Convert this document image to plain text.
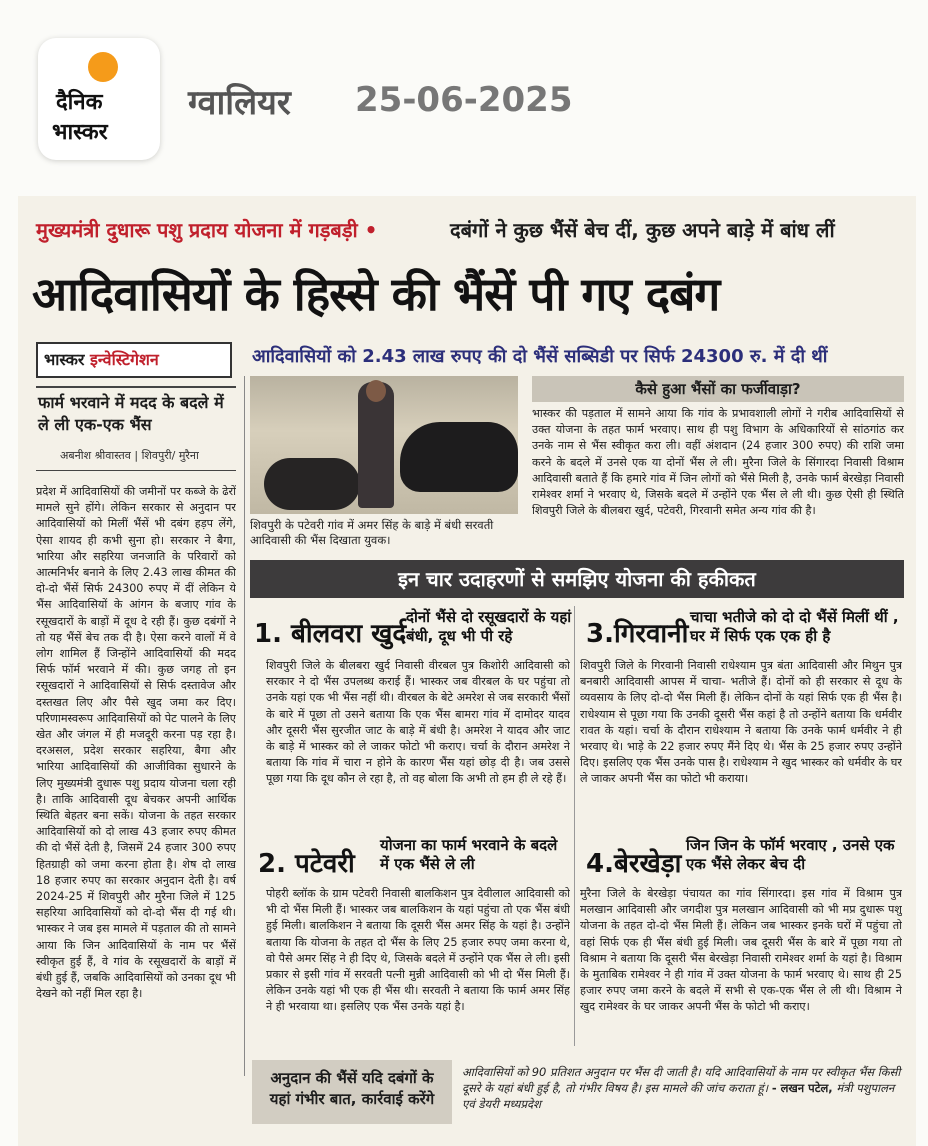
दैनिक
भास्कर
ग्वालियर 25-06-2025
मुख्यमंत्री दुधारू पशु प्रदाय योजना में गड़बड़ी •	दबंगों ने कुछ भैंसें बेच दीं, कुछ अपने बाड़े में बांध लीं
आदिवासियों के हिस्से की भैंसें पी गए दबंग
भास्कर इन्वेस्टिगेशन	आदिवासियों को 2.43 लाख रुपए की दो भैंसें सब्सिडी पर सिर्फ 24300 रु. में दी थीं
फार्म भरवाने में मदद के बदले में ले ली एक-एक भैंस
अबनीश श्रीवास्तव | शिवपुरी/ मुरैना
प्रदेश में आदिवासियों की जमीनों पर कब्जे के ढेरों मामले सुने होंगे। लेकिन सरकार से अनुदान पर आदिवासियों को मिलीं भैंसें भी दबंग हड़प लेंगे, ऐसा शायद ही कभी सुना हो। सरकार ने बैगा, भारिया और सहरिया जनजाति के परिवारों को आत्मनिर्भर बनाने के लिए 2.43 लाख कीमत की दो-दो भैंसें सिर्फ 24300 रुपए में दीं लेकिन ये भैंस आदिवासियों के आंगन के बजाए गांव के रसूखदारों के बाड़ों में दूध दे रही हैं। कुछ दबंगों ने तो यह भैंसें बेच तक दी है। ऐसा करने वालों में वे लोग शामिल हैं जिन्होंने आदिवासियों की मदद सिर्फ फॉर्म भरवाने में की। कुछ जगह तो इन रसूखदारों ने आदिवासियों से सिर्फ दस्तावेज और दस्तखत लिए और पैसे खुद जमा कर दिए। परिणामस्वरूप आदिवासियों को पेट पालने के लिए खेत और जंगल में ही मजदूरी करना पड़ रहा है। दरअसल, प्रदेश सरकार सहरिया, बैगा और भारिया आदिवासियों की आजीविका सुधारने के लिए मुख्यमंत्री दुधारू पशु प्रदाय योजना चला रही है। ताकि आदिवासी दूध बेचकर अपनी आर्थिक स्थिति बेहतर बना सकें। योजना के तहत सरकार आदिवासियों को दो लाख 43 हजार रुपए कीमत की दो भैंसें देती है, जिसमें 24 हजार 300 रुपए हितग्राही को जमा करना होता है। शेष दो लाख 18 हजार रुपए का सरकार अनुदान देती है। वर्ष 2024-25 में शिवपुरी और मुरैना जिले में 125 सहरिया आदिवासियों को दो-दो भैंस दी गई थी। भास्कर ने जब इस मामले में पड़ताल की तो सामने आया कि जिन आदिवासियों के नाम पर भैंसें स्वीकृत हुई हैं, वे गांव के रसूखदारों के बाड़ों में बंधी हुई हैं, जबकि आदिवासियों को उनका दूध भी देखने को नहीं मिल रहा है।
शिवपुरी के पटेवरी गांव में अमर सिंह के बाड़े में बंधी सरवती आदिवासी की भैंस दिखाता युवक।
कैसे हुआ भैंसों का फर्जीवाड़ा?
भास्कर की पड़ताल में सामने आया कि गांव के प्रभावशाली लोगों ने गरीब आदिवासियों से उक्त योजना के तहत फार्म भरवाए। साथ ही पशु विभाग के अधिकारियों से सांठगांठ कर उनके नाम से भैंस स्वीकृत करा ली। वहीं अंशदान (24 हजार 300 रुपए) की राशि जमा करने के बदले में उनसे एक या दोनों भैंस ले ली। मुरैना जिले के सिंगारदा निवासी विश्राम आदिवासी बताते हैं कि हमारे गांव में जिन लोगों को भैंसे मिली है, उनके फार्म बेरखेड़ा निवासी रामेश्वर शर्मा ने भरवाए थे, जिसके बदले में उन्होंने एक भैंस ले ली थी। कुछ ऐसी ही स्थिति शिवपुरी जिले के बीलबरा खुर्द, पटेवरी, गिरवानी समेत अन्य गांव की है।
इन चार उदाहरणों से समझिए योजना की हकीकत
1. बीलवरा खुर्द
दोनों भैंसे दो रसूखदारों के यहां बंधी, दूध भी पी रहे
शिवपुरी जिले के बीलबरा खुर्द निवासी वीरबल पुत्र किशोरी आदिवासी को सरकार ने दो भैंस उपलब्ध कराई हैं। भास्कर जब वीरबल के घर पहुंचा तो उनके यहां एक भी भैंस नहीं थी। वीरबल के बेटे अमरेश से जब सरकारी भैंसों के बारे में पूछा तो उसने बताया कि एक भैंस बामरा गांव में दामोदर यादव और दूसरी भैंस सुरजीत जाट के बाड़े में बंधी है। अमरेश ने यादव और जाट के बाड़े में भास्कर को ले जाकर फोटो भी कराए। चर्चा के दौरान अमरेश ने बताया कि गांव में चारा न होने के कारण भैंस यहां छोड़ दी है। जब उससे पूछा गया कि दूध कौन ले रहा है, तो वह बोला कि अभी तो हम ही ले रहे हैं।
3.गिरवानी
चाचा भतीजे को दो दो भैंसें मिलीं थीं , घर में सिर्फ एक एक ही है
शिवपुरी जिले के गिरवानी निवासी राधेश्याम पुत्र बंता आदिवासी और मिथुन पुत्र बनबारी आदिवासी आपस में चाचा- भतीजे हैं। दोनों को ही सरकार से दूध के व्यवसाय के लिए दो-दो भैंस मिली हैं। लेकिन दोनों के यहां सिर्फ एक ही भैंस है। राधेश्याम से पूछा गया कि उनकी दूसरी भैंस कहां है तो उन्होंने बताया कि धर्मवीर रावत के यहां। चर्चा के दौरान राधेश्याम ने बताया कि उनके फार्म धर्मवीर ने ही भरवाए थे। भाड़े के 22 हजार रुपए मैंने दिए थे। भैंस के 25 हजार रुपए उन्होंने दिए। इसलिए एक भैंस उनके पास है। राधेश्याम ने खुद भास्कर को धर्मवीर के घर ले जाकर अपनी भैंस का फोटो भी कराया।
2. पटेवरी
योजना का फार्म भरवाने के बदले में एक भैंसे ले ली
पोहरी ब्लॉक के ग्राम पटेवरी निवासी बालकिशन पुत्र देवीलाल आदिवासी को भी दो भैंस मिली हैं। भास्कर जब बालकिशन के यहां पहुंचा तो एक भैंस बंधी हुई मिली। बालकिशन ने बताया कि दूसरी भैंस अमर सिंह के यहां है। उन्होंने बताया कि योजना के तहत दो भैंस के लिए 25 हजार रुपए जमा करना थे, वो पैसे अमर सिंह ने ही दिए थे, जिसके बदले में उन्होंने एक भैंस ले ली। इसी प्रकार से इसी गांव में सरवती पत्नी मुन्नी आदिवासी को भी दो भैंस मिली हैं। लेकिन उनके यहां भी एक ही भैंस थी। सरवती ने बताया कि फार्म अमर सिंह ने ही भरवाया था। इसलिए एक भैंस उनके यहां है।
4.बेरखेड़ा
जिन जिन के फॉर्म भरवाए , उनसे एक एक भैंसे लेकर बेच दी
मुरैना जिले के बेरखेड़ा पंचायत का गांव सिंगारदा। इस गांव में विश्राम पुत्र मलखान आदिवासी और जगदीश पुत्र मलखान आदिवासी को भी मप्र दुधारू पशु योजना के तहत दो-दो भैंस मिली हैं। लेकिन जब भास्कर इनके घरों में पहुंचा तो वहां सिर्फ एक ही भैंस बंधी हुई मिली। जब दूसरी भैंस के बारे में पूछा गया तो विश्राम ने बताया कि दूसरी भैंस बेरखेड़ा निवासी रामेश्वर शर्मा के यहां है। विश्राम के मुताबिक रामेश्वर ने ही गांव में उक्त योजना के फार्म भरवाए थे। साथ ही 25 हजार रुपए जमा करने के बदले में सभी से एक-एक भैंस ले ली थी। विश्राम ने खुद रामेश्वर के घर जाकर अपनी भैंस के फोटो भी कराए।
अनुदान की भैंसें यदि दबंगों के यहां गंभीर बात, कार्रवाई करेंगे
आदिवासियों को 90 प्रतिशत अनुदान पर भैंस दी जाती है। यदि आदिवासियों के नाम पर स्वीकृत भैंस किसी दूसरे के यहां बंधी हुई है, तो गंभीर विषय है। इस मामले की जांच कराता हूं। - लखन पटेल, मंत्री पशुपालन एवं डेयरी मध्यप्रदेश
